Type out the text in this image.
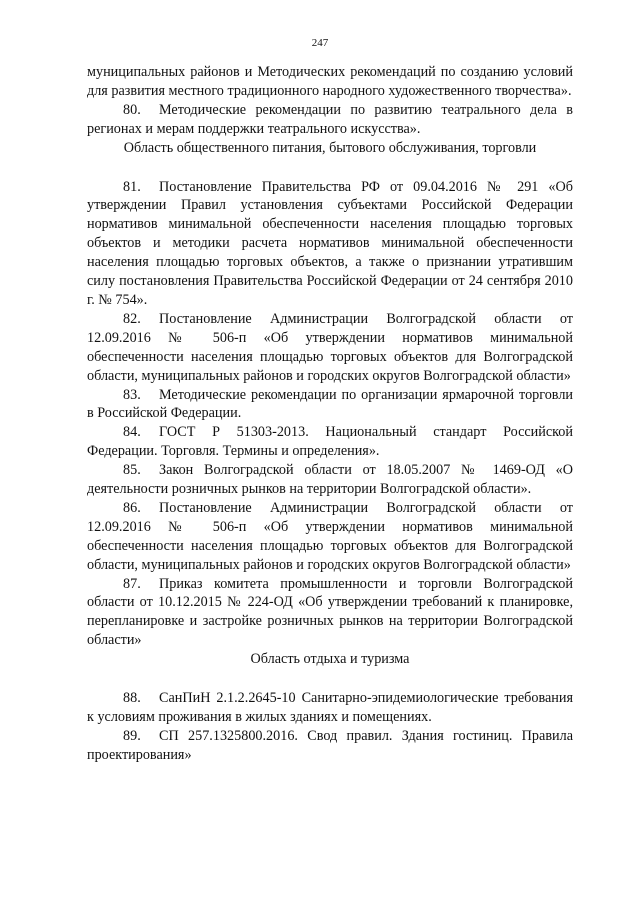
247

муниципальных районов и Методических рекомендаций по созданию условий для развития местного традиционного народного художественного творчества».

80. Методические рекомендации по развитию театрального дела в регионах и мерам поддержки театрального искусства».

Область общественного питания, бытового обслуживания, торговли

81. Постановление Правительства РФ от 09.04.2016 № 291 «Об утверждении Правил установления субъектами Российской Федерации нормативов минимальной обеспеченности населения площадью торговых объектов и методики расчета нормативов минимальной обеспеченности населения площадью торговых объектов, а также о признании утратившим силу постановления Правительства Российской Федерации от 24 сентября 2010 г. № 754».

82. Постановление Администрации Волгоградской области от 12.09.2016 № 506-п «Об утверждении нормативов минимальной обеспеченности населения площадью торговых объектов для Волгоградской области, муниципальных районов и городских округов Волгоградской области»

83. Методические рекомендации по организации ярмарочной торговли в Российской Федерации.

84. ГОСТ Р 51303-2013. Национальный стандарт Российской Федерации. Торговля. Термины и определения».

85. Закон Волгоградской области от 18.05.2007 № 1469-ОД «О деятельности розничных рынков на территории Волгоградской области».

86. Постановление Администрации Волгоградской области от 12.09.2016 № 506-п «Об утверждении нормативов минимальной обеспеченности населения площадью торговых объектов для Волгоградской области, муниципальных районов и городских округов Волгоградской области»

87. Приказ комитета промышленности и торговли Волгоградской области от 10.12.2015 № 224-ОД «Об утверждении требований к планировке, перепланировке и застройке розничных рынков на территории Волгоградской области»

Область отдыха и туризма

88. СанПиН 2.1.2.2645-10 Санитарно-эпидемиологические требования к условиям проживания в жилых зданиях и помещениях.

89. СП 257.1325800.2016. Свод правил. Здания гостиниц. Правила проектирования»
